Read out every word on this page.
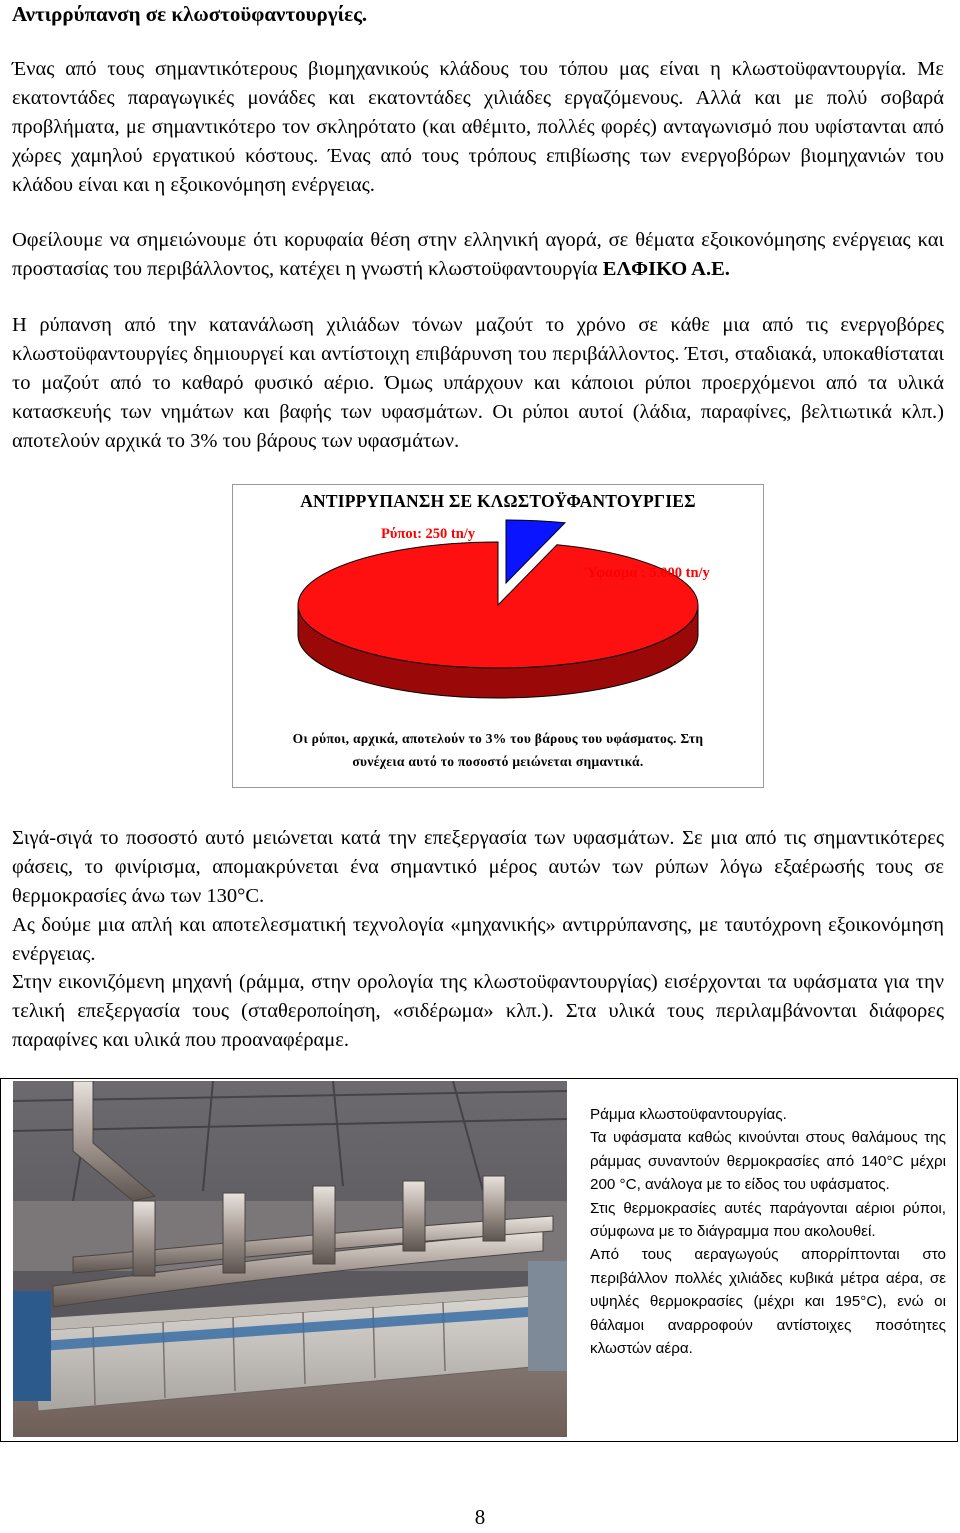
Αντιρρύπανση σε κλωστοϋφαντουργίες.

Ένας από τους σημαντικότερους βιομηχανικούς κλάδους του τόπου μας είναι η κλωστοϋφαντουργία. Με εκατοντάδες παραγωγικές μονάδες και εκατοντάδες χιλιάδες εργαζόμενους. Αλλά και με πολύ σοβαρά προβλήματα, με σημαντικότερο τον σκληρότατο (και αθέμιτο, πολλές φορές) ανταγωνισμό που υφίστανται από χώρες χαμηλού εργατικού κόστους. Ένας από τους τρόπους επιβίωσης των ενεργοβόρων βιομηχανιών του κλάδου είναι και η εξοικονόμηση ενέργειας.

Οφείλουμε να σημειώνουμε ότι κορυφαία θέση στην ελληνική αγορά, σε θέματα εξοικονόμησης ενέργειας και προστασίας του περιβάλλοντος, κατέχει η γνωστή κλωστοϋφαντουργία ΕΛΦΙΚΟ Α.Ε.

Η ρύπανση από την κατανάλωση χιλιάδων τόνων μαζούτ το χρόνο σε κάθε μια από τις ενεργοβόρες κλωστοϋφαντουργίες δημιουργεί και αντίστοιχη επιβάρυνση του περιβάλλοντος. Έτσι, σταδιακά, υποκαθίσταται το μαζούτ από το καθαρό φυσικό αέριο. Όμως υπάρχουν και κάποιοι ρύποι προερχόμενοι από τα υλικά κατασκευής των νημάτων και βαφής των υφασμάτων. Οι ρύποι αυτοί (λάδια, παραφίνες, βελτιωτικά κλπ.) αποτελούν αρχικά το 3% του βάρους των υφασμάτων.

ΑΝΤΙΡΡΥΠΑΝΣΗ ΣΕ ΚΛΩΣΤΟΫΦΑΝΤΟΥΡΓΙΕΣ
Ρύποι: 250 tn/y
Ύφασμα : 5.000 tn/y
Οι ρύποι, αρχικά, αποτελούν το 3% του βάρους του υφάσματος. Στη
συνέχεια αυτό το ποσοστό μειώνεται σημαντικά.

Σιγά-σιγά το ποσοστό αυτό μειώνεται κατά την επεξεργασία των υφασμάτων. Σε μια από τις σημαντικότερες φάσεις, το φινίρισμα, απομακρύνεται ένα σημαντικό μέρος αυτών των ρύπων λόγω εξαέρωσής τους σε θερμοκρασίες άνω των 130°C.

Ας δούμε μια απλή και αποτελεσματική τεχνολογία «μηχανικής» αντιρρύπανσης, με ταυτόχρονη εξοικονόμηση ενέργειας.

Στην εικονιζόμενη μηχανή (ράμμα, στην ορολογία της κλωστοϋφαντουργίας) εισέρχονται τα υφάσματα για την τελική επεξεργασία τους (σταθεροποίηση, «σιδέρωμα» κλπ.). Στα υλικά τους περιλαμβάνονται διάφορες παραφίνες και υλικά που προαναφέραμε.

Ράμμα κλωστοϋφαντουργίας.

Τα υφάσματα καθώς κινούνται στους θαλάμους της ράμμας συναντούν θερμοκρασίες από 140°C μέχρι 200 °C, ανάλογα με το είδος του υφάσματος.

Στις θερμοκρασίες αυτές παράγονται αέριοι ρύποι, σύμφωνα με το διάγραμμα που ακολουθεί.

Από τους αεραγωγούς απορρίπτονται στο περιβάλλον πολλές χιλιάδες κυβικά μέτρα αέρα, σε υψηλές θερμοκρασίες (μέχρι και 195°C), ενώ οι θάλαμοι αναρροφούν αντίστοιχες ποσότητες κλωστών αέρα.

8
